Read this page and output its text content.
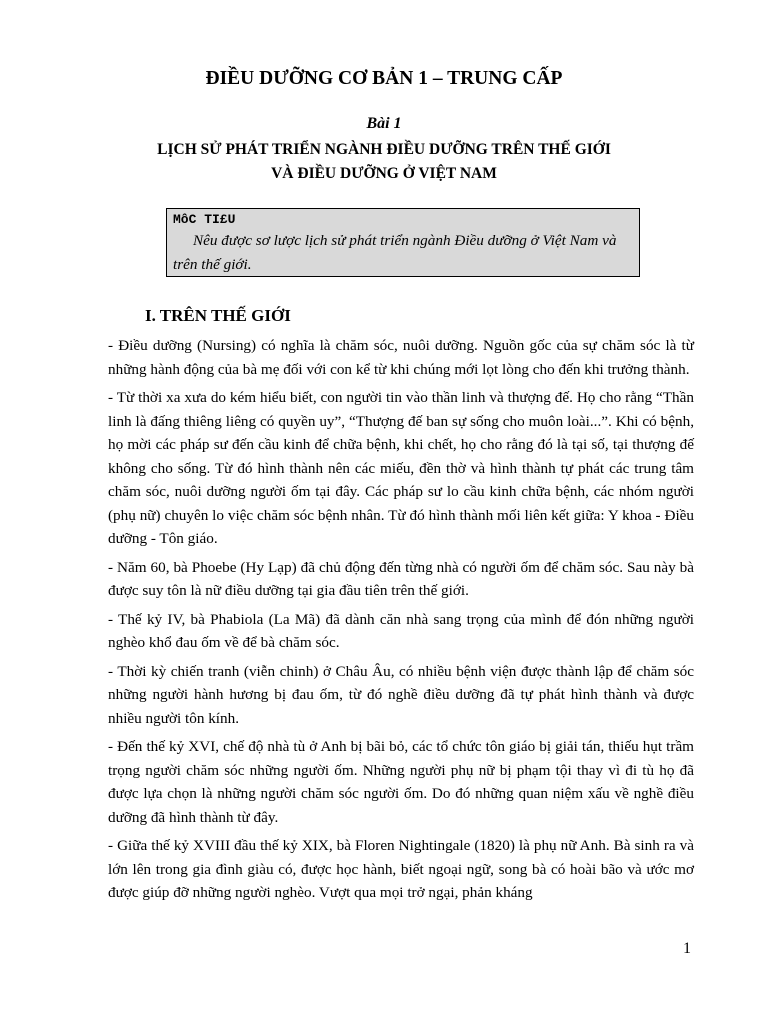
ĐIỀU DƯỠNG CƠ BẢN 1 – TRUNG CẤP

Bài 1

LỊCH SỬ PHÁT TRIỂN NGÀNH ĐIỀU DƯỠNG TRÊN THẾ GIỚI

VÀ ĐIỀU DƯỠNG Ở VIỆT NAM

MôC TI£U

Nêu được sơ lược lịch sử phát triển ngành Điều dưỡng ở Việt Nam và trên thế giới.

I. TRÊN THẾ GIỚI

- Điều dưỡng (Nursing) có nghĩa là chăm sóc, nuôi dưỡng. Nguồn gốc của sự chăm sóc là từ những hành động của bà mẹ đối với con kể từ khi chúng mới lọt lòng cho đến khi trưởng thành.

- Từ thời xa xưa do kém hiểu biết, con người tin vào thần linh và thượng đế. Họ cho rằng “Thần linh là đấng thiêng liêng có quyền uy”, “Thượng đế ban sự sống cho muôn loài...”. Khi có bệnh, họ mời các pháp sư đến cầu kinh để chữa bệnh, khi chết, họ cho rằng đó là tại số, tại thượng đế không cho sống. Từ đó hình thành nên các miếu, đền thờ và hình thành tự phát các trung tâm chăm sóc, nuôi dưỡng người ốm tại đây. Các pháp sư lo cầu kinh chữa bệnh, các nhóm người (phụ nữ) chuyên lo việc chăm sóc bệnh nhân. Từ đó hình thành mối liên kết giữa: Y khoa - Điều dưỡng - Tôn giáo.

- Năm 60, bà Phoebe (Hy Lạp) đã chủ động đến từng nhà có người ốm để chăm sóc. Sau này bà được suy tôn là nữ điều dưỡng tại gia đầu tiên trên thế giới.

- Thế kỷ IV, bà Phabiola (La Mã) đã dành căn nhà sang trọng của mình để đón những người nghèo khổ đau ốm về để bà chăm sóc.

- Thời kỳ chiến tranh (viễn chinh) ở Châu Âu, có nhiều bệnh viện được thành lập để chăm sóc những người hành hương bị đau ốm, từ đó nghề điều dưỡng đã tự phát hình thành và được nhiều người tôn kính.

- Đến thế kỷ XVI, chế độ nhà tù ở Anh bị bãi bỏ, các tổ chức tôn giáo bị giải tán, thiếu hụt trầm trọng người chăm sóc những người ốm. Những người phụ nữ bị phạm tội thay vì đi tù họ đã được lựa chọn là những người chăm sóc người ốm. Do đó những quan niệm xấu về nghề điều dưỡng đã hình thành từ đây.

- Giữa thế kỷ XVIII đầu thế kỷ XIX, bà Floren Nightingale (1820) là phụ nữ Anh. Bà sinh ra và lớn lên trong gia đình giàu có, được học hành, biết ngoại ngữ, song bà có hoài bão và ước mơ được giúp đỡ những người nghèo. Vượt qua mọi trở ngại, phản kháng

1
